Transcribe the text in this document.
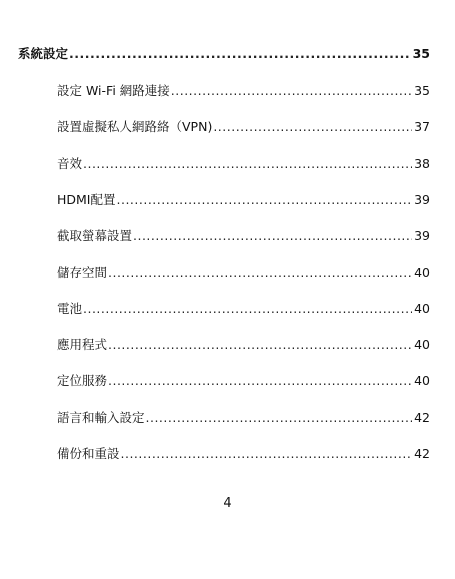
系統設定 .....	35
設定 Wi-Fi 網路連接 .....	35
設置虛擬私人網路絡（VPN) .....	37
音效 .....	38
HDMI配置 .....	39
截取螢幕設置 .....	39
儲存空間 .....	40
電池 .....	40
應用程式 .....	40
定位服務 .....	40
語言和輸入設定 .....	42
備份和重設 .....	42
4
